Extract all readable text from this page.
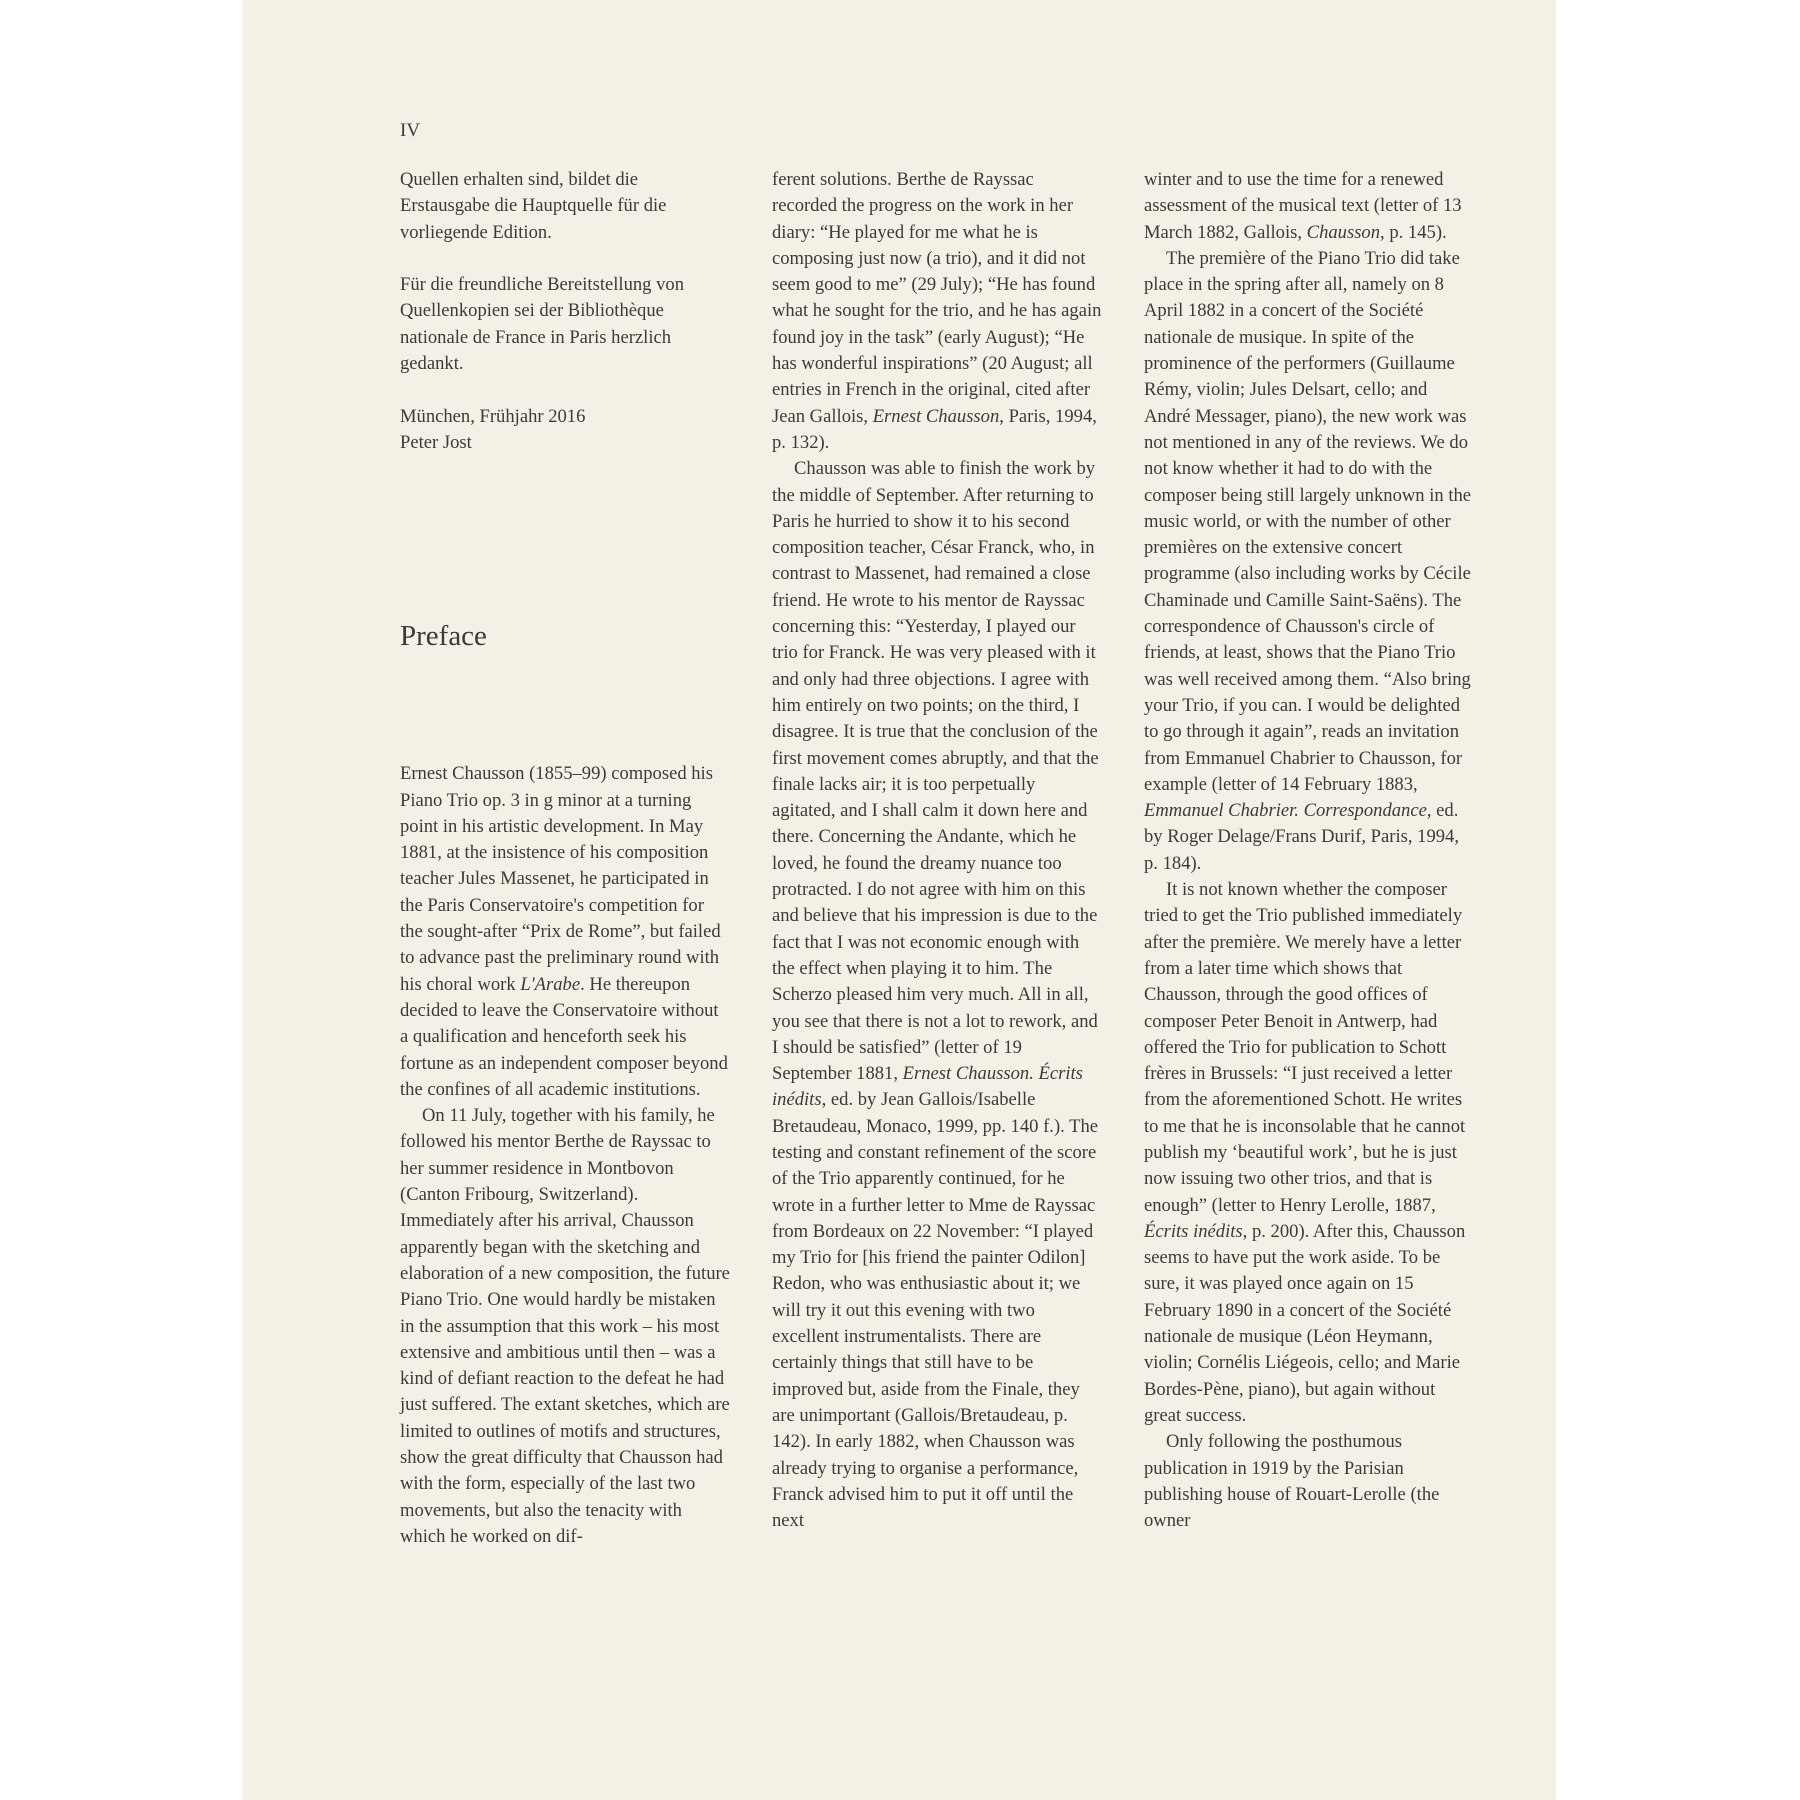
IV

Quellen erhalten sind, bildet die Erstausgabe die Hauptquelle für die vorliegende Edition.

Für die freundliche Bereitstellung von Quellenkopien sei der Bibliothèque nationale de France in Paris herzlich gedankt.

München, Frühjahr 2016

Peter Jost

Preface

Ernest Chausson (1855–99) composed his Piano Trio op. 3 in g minor at a turning point in his artistic development. In May 1881, at the insistence of his composition teacher Jules Massenet, he participated in the Paris Conservatoire's competition for the sought-after “Prix de Rome”, but failed to advance past the preliminary round with his choral work L'Arabe. He thereupon decided to leave the Conservatoire without a qualification and henceforth seek his fortune as an independent composer beyond the confines of all academic institutions.

On 11 July, together with his family, he followed his mentor Berthe de Rayssac to her summer residence in Montbovon (Canton Fribourg, Switzerland). Immediately after his arrival, Chausson apparently began with the sketching and elaboration of a new composition, the future Piano Trio. One would hardly be mistaken in the assumption that this work – his most extensive and ambitious until then – was a kind of defiant reaction to the defeat he had just suffered. The extant sketches, which are limited to outlines of motifs and structures, show the great difficulty that Chausson had with the form, especially of the last two movements, but also the tenacity with which he worked on dif-

ferent solutions. Berthe de Rayssac recorded the progress on the work in her diary: “He played for me what he is composing just now (a trio), and it did not seem good to me” (29 July); “He has found what he sought for the trio, and he has again found joy in the task” (early August); “He has wonderful inspirations” (20 August; all entries in French in the original, cited after Jean Gallois, Ernest Chausson, Paris, 1994, p. 132).

Chausson was able to finish the work by the middle of September. After returning to Paris he hurried to show it to his second composition teacher, César Franck, who, in contrast to Massenet, had remained a close friend. He wrote to his mentor de Rayssac concerning this: “Yesterday, I played our trio for Franck. He was very pleased with it and only had three objections. I agree with him entirely on two points; on the third, I disagree. It is true that the conclusion of the first movement comes abruptly, and that the finale lacks air; it is too perpetually agitated, and I shall calm it down here and there. Concerning the Andante, which he loved, he found the dreamy nuance too protracted. I do not agree with him on this and believe that his impression is due to the fact that I was not economic enough with the effect when playing it to him. The Scherzo pleased him very much. All in all, you see that there is not a lot to rework, and I should be satisfied” (letter of 19 September 1881, Ernest Chausson. Écrits inédits, ed. by Jean Gallois/Isabelle Bretaudeau, Monaco, 1999, pp. 140 f.). The testing and constant refinement of the score of the Trio apparently continued, for he wrote in a further letter to Mme de Rayssac from Bordeaux on 22 November: “I played my Trio for [his friend the painter Odilon] Redon, who was enthusiastic about it; we will try it out this evening with two excellent instrumentalists. There are certainly things that still have to be improved but, aside from the Finale, they are unimportant (Gallois/Bretaudeau, p. 142). In early 1882, when Chausson was already trying to organise a performance, Franck advised him to put it off until the next

winter and to use the time for a renewed assessment of the musical text (letter of 13 March 1882, Gallois, Chausson, p. 145).

The première of the Piano Trio did take place in the spring after all, namely on 8 April 1882 in a concert of the Société nationale de musique. In spite of the prominence of the performers (Guillaume Rémy, violin; Jules Delsart, cello; and André Messager, piano), the new work was not mentioned in any of the reviews. We do not know whether it had to do with the composer being still largely unknown in the music world, or with the number of other premières on the extensive concert programme (also including works by Cécile Chaminade und Camille Saint-Saëns). The correspondence of Chausson's circle of friends, at least, shows that the Piano Trio was well received among them. “Also bring your Trio, if you can. I would be delighted to go through it again”, reads an invitation from Emmanuel Chabrier to Chausson, for example (letter of 14 February 1883, Emmanuel Chabrier. Correspondance, ed. by Roger Delage/Frans Durif, Paris, 1994, p. 184).

It is not known whether the composer tried to get the Trio published immediately after the première. We merely have a letter from a later time which shows that Chausson, through the good offices of composer Peter Benoit in Antwerp, had offered the Trio for publication to Schott frères in Brussels: “I just received a letter from the aforementioned Schott. He writes to me that he is inconsolable that he cannot publish my ‘beautiful work’, but he is just now issuing two other trios, and that is enough” (letter to Henry Lerolle, 1887, Écrits inédits, p. 200). After this, Chausson seems to have put the work aside. To be sure, it was played once again on 15 February 1890 in a concert of the Société nationale de musique (Léon Heymann, violin; Cornélis Liégeois, cello; and Marie Bordes-Pène, piano), but again without great success.

Only following the posthumous publication in 1919 by the Parisian publishing house of Rouart-Lerolle (the owner
